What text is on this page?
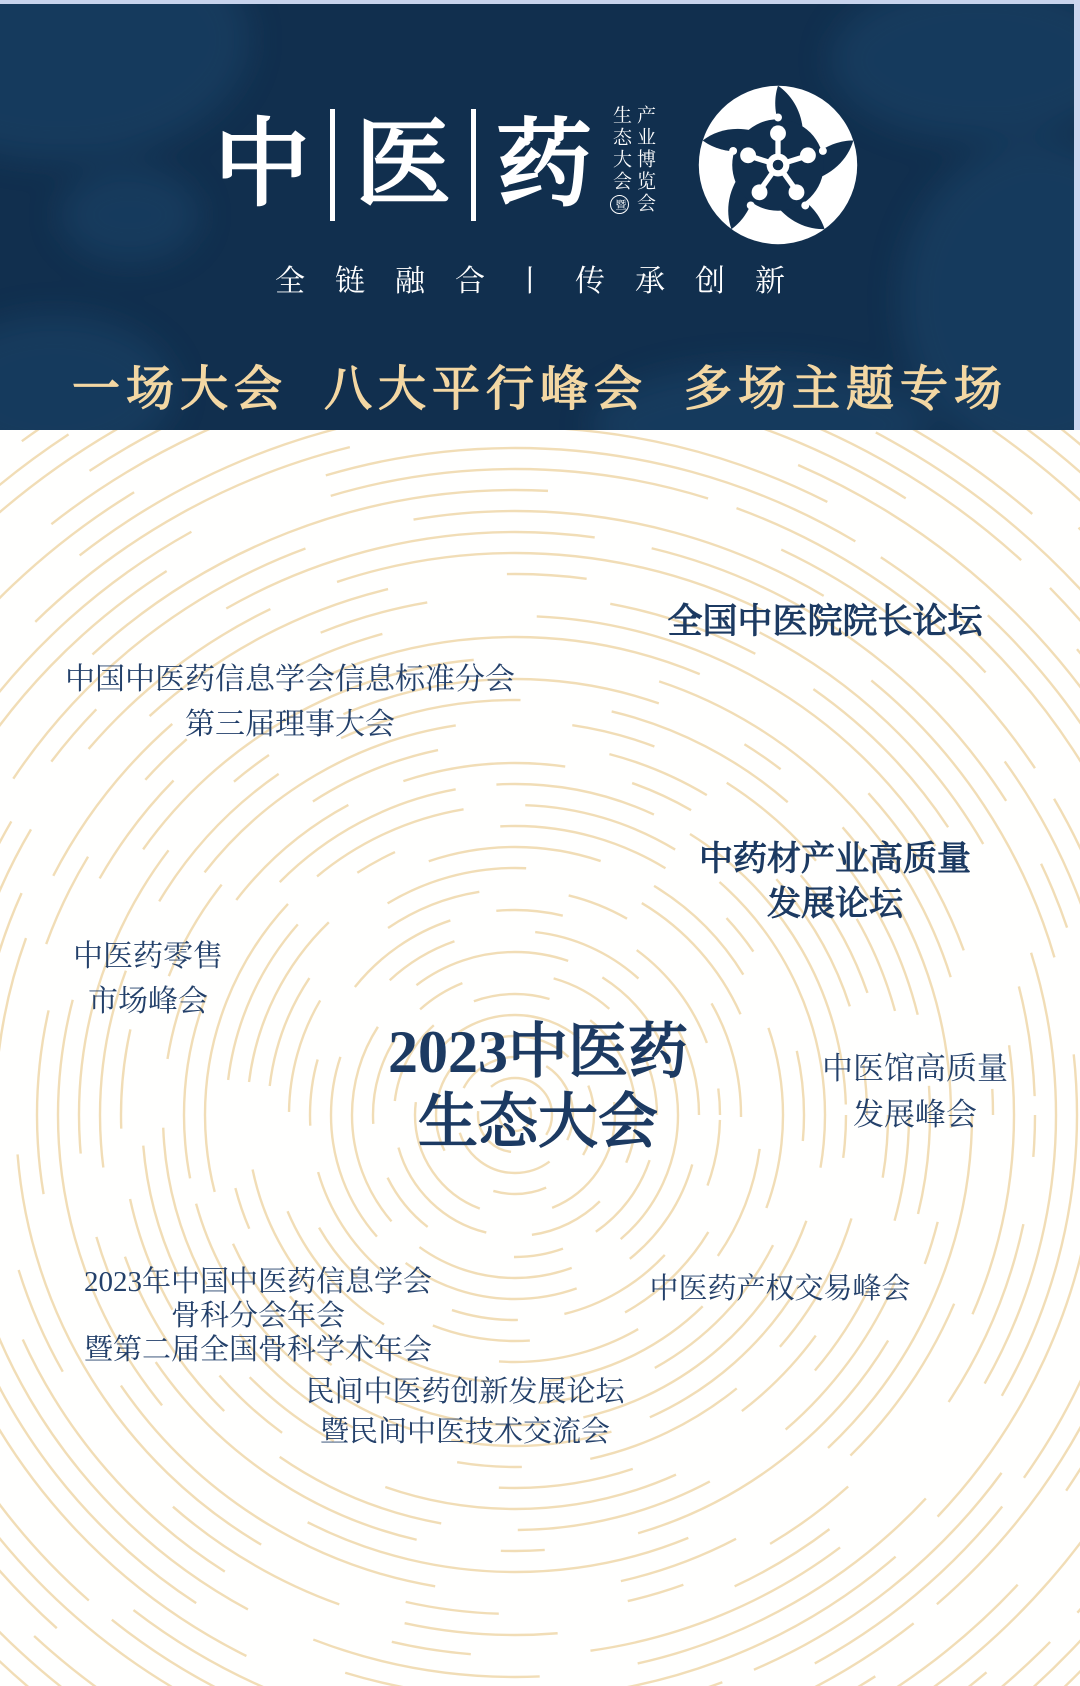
中 医 药 生态大会暨 产业博览会
全链融合丨传承创新
一场大会 八大平行峰会 多场主题专场
2023中医药
生态大会
全国中医院院长论坛
中国中医药信息学会信息标准分会
第三届理事大会
中药材产业高质量
发展论坛
中医药零售
市场峰会
中医馆高质量
发展峰会
2023年中国中医药信息学会
骨科分会年会
暨第二届全国骨科学术年会
中医药产权交易峰会
民间中医药创新发展论坛
暨民间中医技术交流会
